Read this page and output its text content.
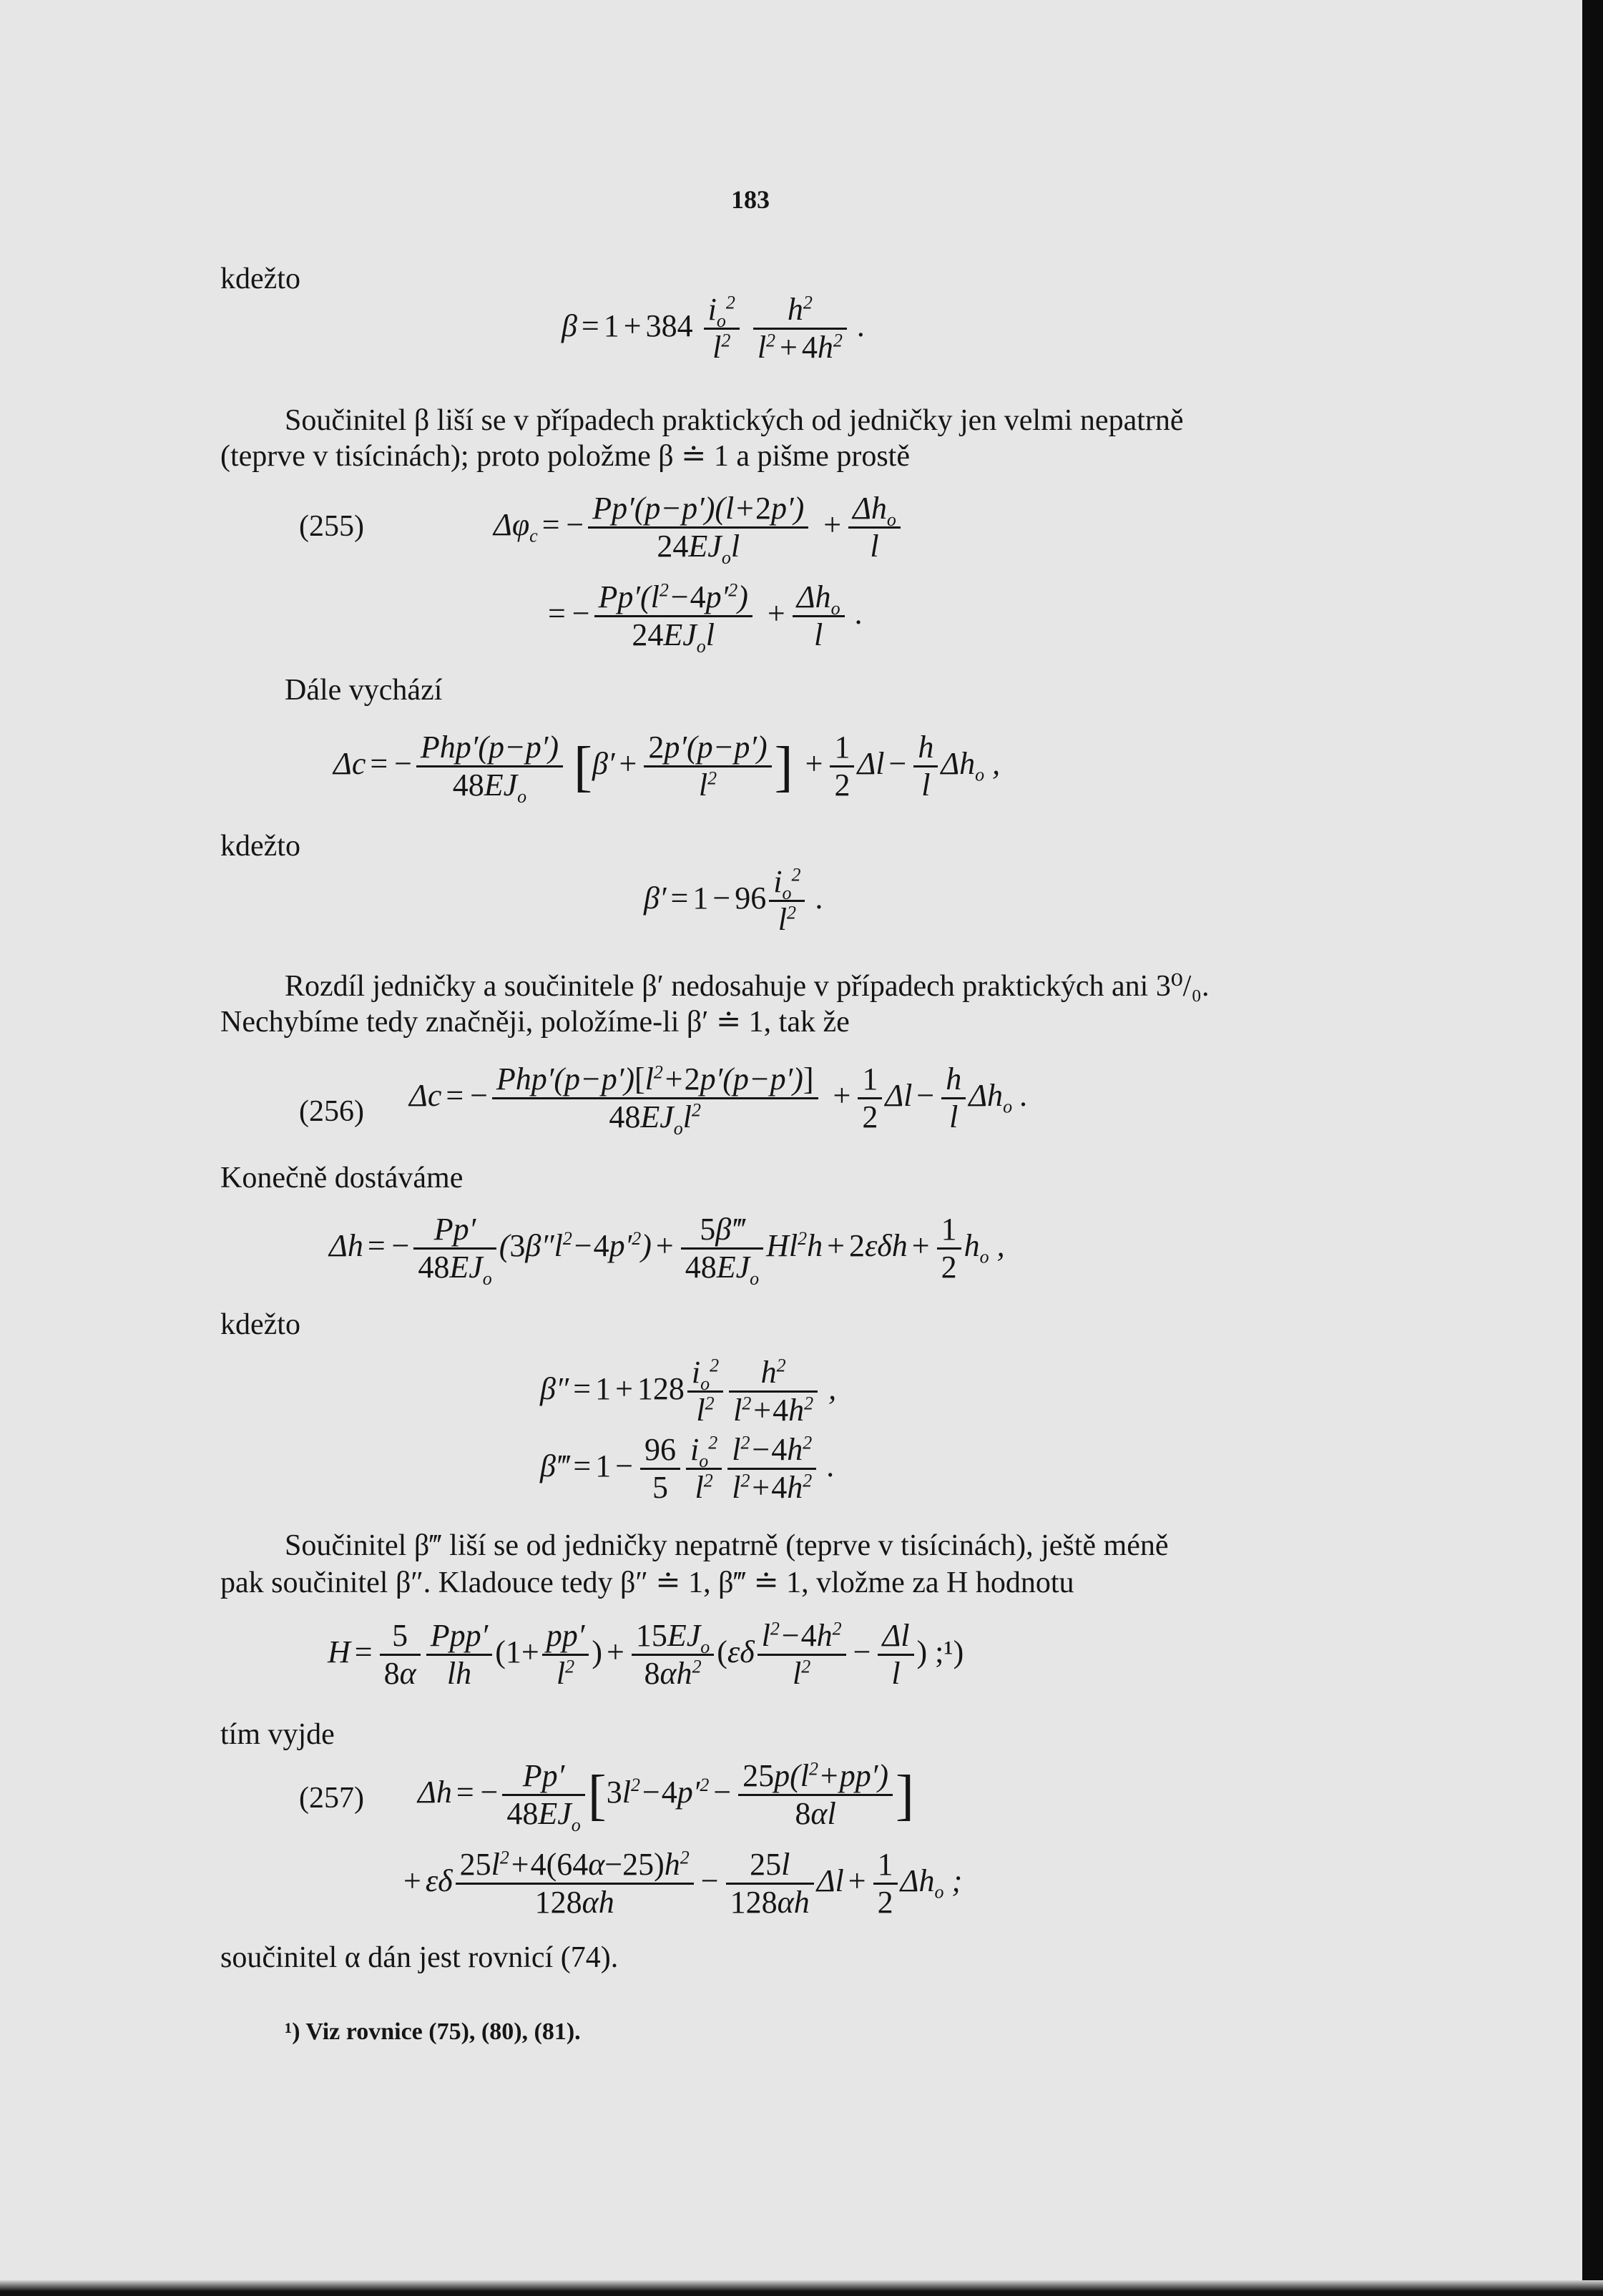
183
kdežto
$\beta = 1 + 384 \frac{i_o^2}{l^2}$
$\frac{h^2}{l^2 + 4h^2}$ .
Součinitel β liší se v případech praktických od jedničky jen velmi nepatrně
(teprve v tisícinách); proto položme β ≐ 1 a pišme prostě
(255)	$\Delta\varphi_c$ = − $\frac{Pp'(p-p')(l+2p')}{24EJ_ol} + \frac{\Delta h_o}{l}$
= − $\frac{Pp'(l^2-4p'^2)}{24EJ_ol} + \frac{\Delta h_o}{l}$ .
Dále vychází
Δc = − $\frac{\text{Php′(p−p′)}}{48EJ_o} [\beta' + \frac{2p'(p-p')}{l^2}$ ] + $\frac{1}{2}$ $\Delta l - \frac{h}{l} \Delta h_o$ ,
kdežto
$\beta' = 1 - 96 \frac{i_o^2}{l^2}$ .
Rozdíl jedničky a součinitele β′ nedosahuje v případech praktických ani 3⁰/₀.
Nechybíme tedy značněji, položíme-li β′ ≐ 1, tak že
(256) Δc = − $\frac{Php'(p-p')[l^2+2p'(p-p')]}{48EJ_ol^2} + \frac{1}{2}$ $\Delta l - \frac{h}{l} \Delta h_o$ .
Konečně dostáváme
Δh = − $\frac{Pp'}{48EJ_o} (3\beta''l^2-4p'^2) + \frac{5\beta‴}{48EJ_o} Hl^2h + 2\varepsilon\delta h + \frac{1}{2} h_o$ ,
kdežto
$\beta'' = 1 + 128 \frac{i_o^2}{l^2} \frac{h^2}{l^2+4h^2}$ ,
β‴ = $1 - \frac{96}{5} \frac{i_o^2}{l^2} \frac{l^2-4h^2}{l^2+4h^2}$ .
Součinitel β‴ liší se od jedničky nepatrně (teprve v tisícinách), ještě méně
pak součinitel β″. Kladouce tedy β″ ≐ 1, β‴ ≐ 1, vložme za H hodnotu
$H = \frac{5}{8\alpha} \frac{\text{Ppp′}}{lh} (1+ \frac{pp'}{l^2}$ ) + $\frac{15EJ_o}{8\alpha h^2} (\varepsilon\delta \frac{l^2-4h^2}{l^2} - \frac{\Delta l}{l}$ ) ;¹)
tím vyjde
(257) Δh = − $\frac{Pp'}{48EJ_o} [3l^2-4p'^2 - \frac{25p(l^2+pp')}{8\alpha l}$ ]
+ εδ $\frac{25l^2+4(64\alpha-25)h^2}{128\alpha h} - \frac{25l}{128\alpha h}$ $\Delta l + \frac{1}{2} \Delta h_o$ ;
součinitel α dán jest rovnicí (74).
¹) Viz rovnice (75), (80), (81).
